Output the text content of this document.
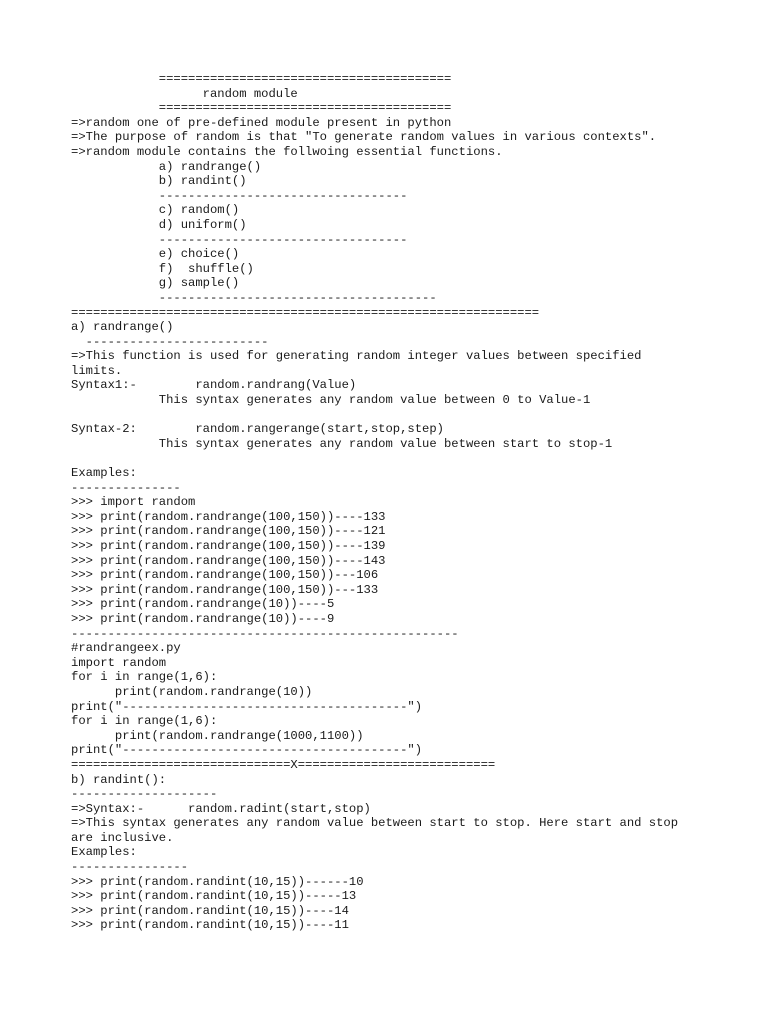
========================================
random module
========================================
=>random one of pre-defined module present in python
=>The purpose of random is that "To generate random values in various contexts".
=>random module contains the follwoing essential functions.
a) randrange()
b) randint()
----------------------------------
c) random()
d) uniform()
----------------------------------
e) choice()
f)  shuffle()
g) sample()
--------------------------------------
================================================================
a) randrange()
-------------------------
=>This function is used for generating random integer values between specified
limits.
Syntax1:-        random.randrang(Value)
This syntax generates any random value between 0 to Value-1
Syntax-2:        random.rangerange(start,stop,step)
This syntax generates any random value between start to stop-1
Examples:
---------------
>>> import random
>>> print(random.randrange(100,150))----133
>>> print(random.randrange(100,150))----121
>>> print(random.randrange(100,150))----139
>>> print(random.randrange(100,150))----143
>>> print(random.randrange(100,150))---106
>>> print(random.randrange(100,150))---133
>>> print(random.randrange(10))----5
>>> print(random.randrange(10))----9
-----------------------------------------------------
#randrangeex.py
import random
for i in range(1,6):
print(random.randrange(10))
print("---------------------------------------")
for i in range(1,6):
print(random.randrange(1000,1100))
print("---------------------------------------")
==============================X===========================
b) randint():
--------------------
=>Syntax:-      random.radint(start,stop)
=>This syntax generates any random value between start to stop. Here start and stop
are inclusive.
Examples:
----------------
>>> print(random.randint(10,15))------10
>>> print(random.randint(10,15))-----13
>>> print(random.randint(10,15))----14
>>> print(random.randint(10,15))----11
